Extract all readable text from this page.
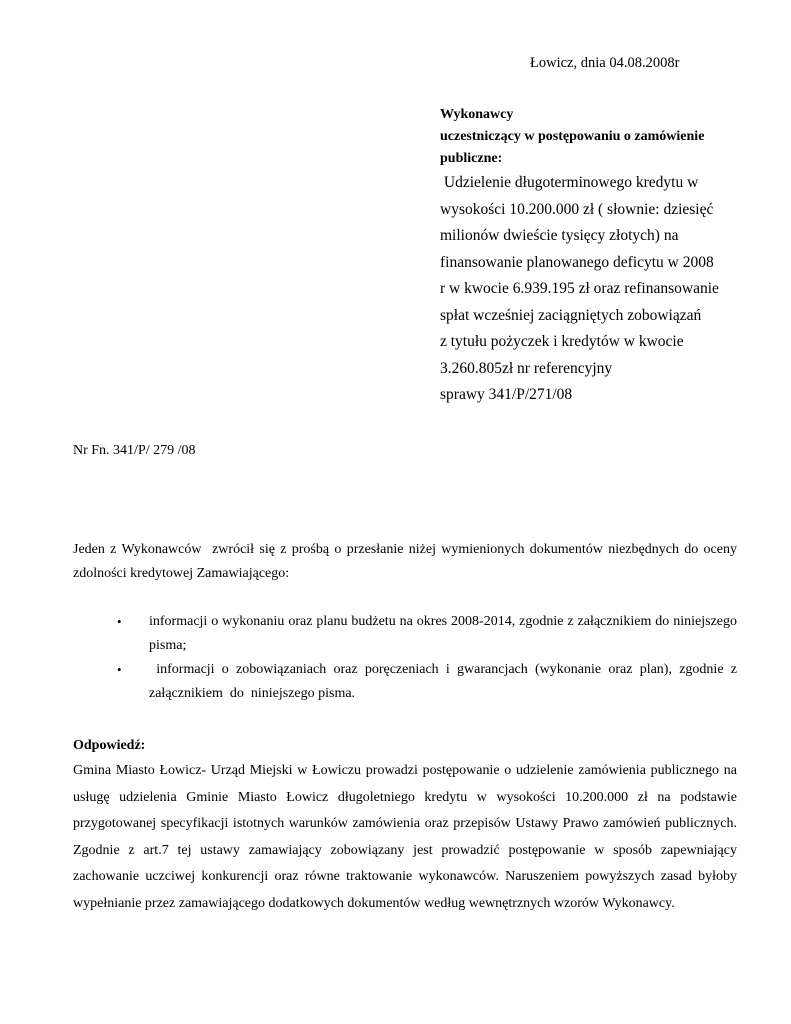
Łowicz, dnia 04.08.2008r
Wykonawcy
uczestniczący w postępowaniu o zamówienie
publiczne:
Udzielenie długoterminowego kredytu w
wysokości 10.200.000 zł ( słownie: dziesięć
milionów dwieście tysięcy złotych) na
finansowanie planowanego deficytu w 2008
r w kwocie 6.939.195 zł oraz refinansowanie
spłat wcześniej zaciągniętych zobowiązań
z tytułu pożyczek i kredytów w kwocie
3.260.805zł nr referencyjny
sprawy 341/P/271/08
Nr Fn. 341/P/ 279 /08

Jeden z Wykonawców  zwrócił się z prośbą o przesłanie niżej wymienionych dokumentów niezbędnych do oceny zdolności kredytowej Zamawiającego:

• informacji o wykonaniu oraz planu budżetu na okres 2008-2014, zgodnie z załącznikiem do niniejszego  pisma;
• informacji o zobowiązaniach oraz poręczeniach i gwarancjach (wykonanie oraz plan), zgodnie z załącznikiem  do  niniejszego pisma.
Odpowiedź:

Gmina Miasto Łowicz- Urząd Miejski w Łowiczu prowadzi postępowanie o udzielenie zamówienia publicznego na usługę udzielenia Gminie Miasto Łowicz długoletniego kredytu w wysokości 10.200.000 zł na podstawie przygotowanej specyfikacji istotnych warunków zamówienia oraz przepisów Ustawy Prawo zamówień publicznych. Zgodnie z art.7 tej ustawy zamawiający zobowiązany jest prowadzić postępowanie w sposób zapewniający zachowanie uczciwej konkurencji oraz równe traktowanie wykonawców. Naruszeniem powyższych zasad byłoby wypełnianie przez zamawiającego dodatkowych dokumentów według wewnętrznych wzorów Wykonawcy.
